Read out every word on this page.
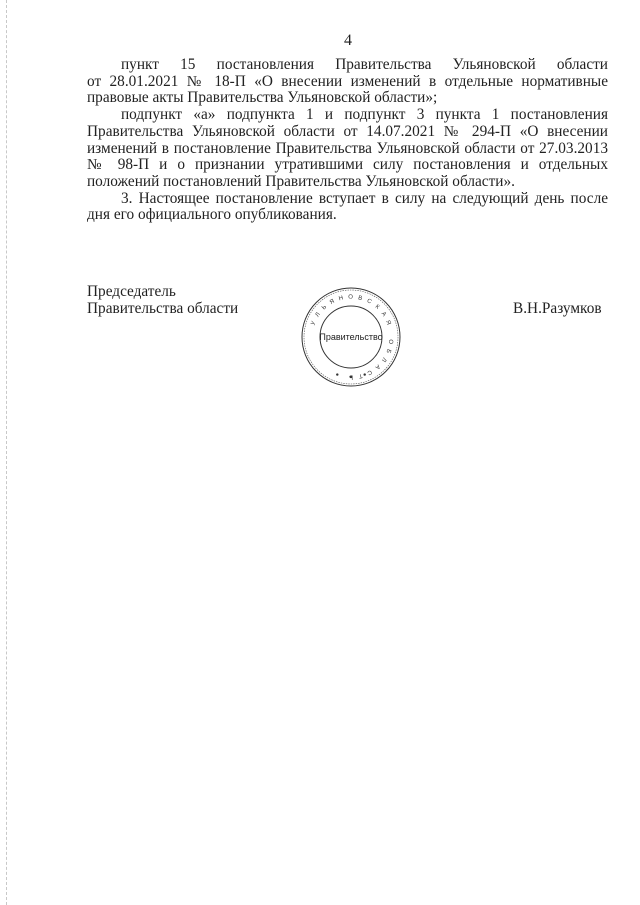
4
пункт 15 постановления Правительства Ульяновской области
от 28.01.2021 № 18-П «О внесении изменений в отдельные нормативные
правовые акты Правительства Ульяновской области»;
подпункт «а» подпункта 1 и подпункт 3 пункта 1 постановления
Правительства Ульяновской области от 14.07.2021 № 294-П «О внесении
изменений в постановление Правительства Ульяновской области от 27.03.2013
№ 98-П и о признании утратившими силу постановления и отдельных
положений постановлений Правительства Ульяновской области».
3. Настоящее постановление вступает в силу на следующий день после
дня его официального опубликования.
Председатель
Правительства области	В.Н.Разумков
У
Л
Ь
Я Н О В С
К
А
Я
О
Б
Л
А
С
Т
Правительство
